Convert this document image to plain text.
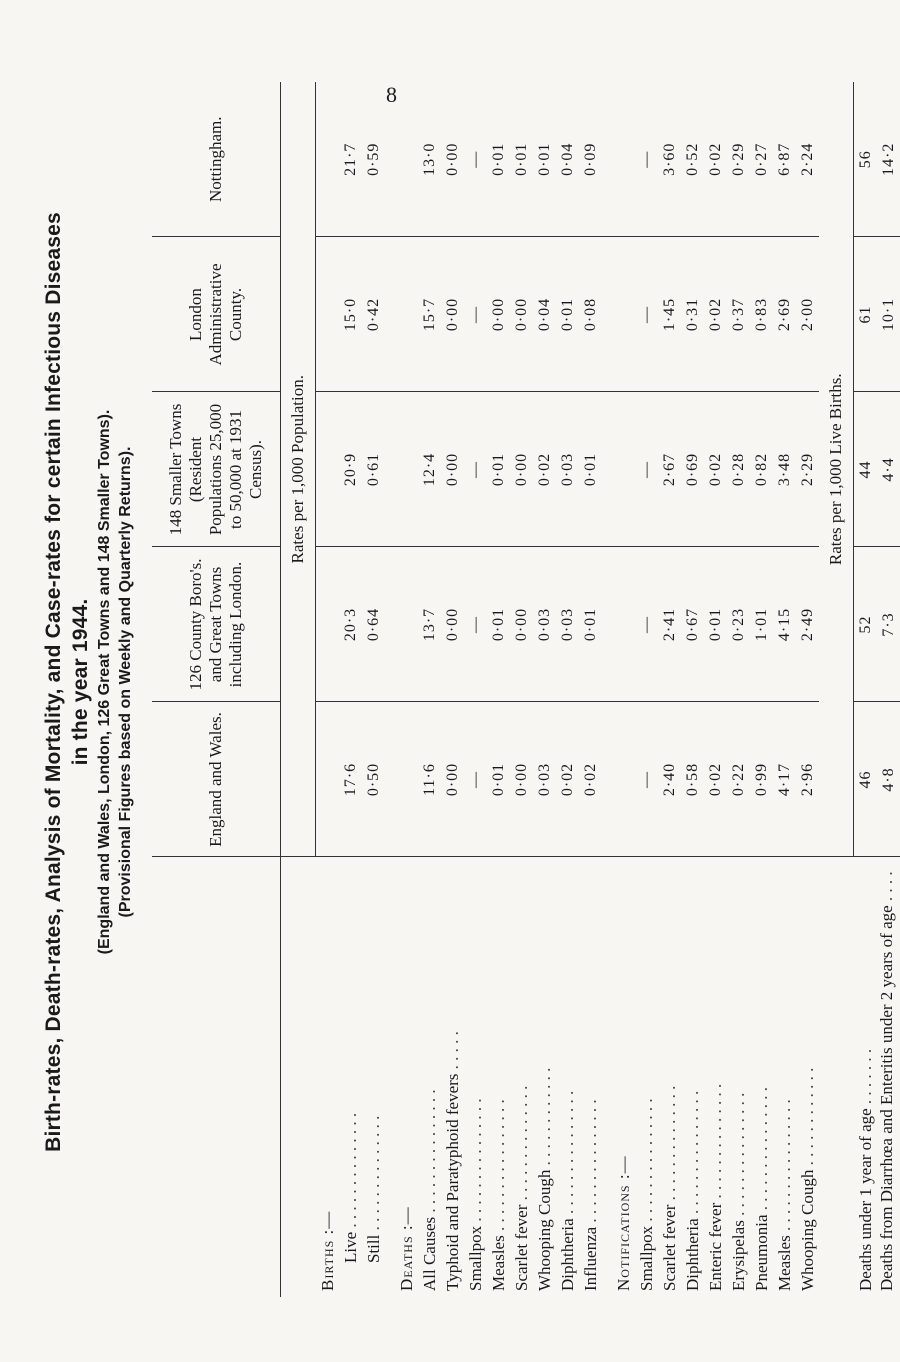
8
Birth-rates, Death-rates, Analysis of Mortality, and Case-rates for certain Infectious Diseases in the year 1944. (England and Wales, London, 126 Great Towns and 148 Smaller Towns). (Provisional Figures based on Weekly and Quarterly Returns).
		England and Wales.	126 County Boro's. and Great Towns including London.	148 Smaller Towns (Resident Populations 25,000 to 50,000 at 1931 Census).	London Administrative County.	Nottingham.
	Rates per 1,000 Population.				
Births :—					
Live . . . . . . . . . . . . . .	17·6	20·3	20·9	15·0	21·7
Still . . . . . . . . . . . . . .	0·50	0·64	0·61	0·42	0·59

Deaths :—					
All Causes . . . . . . . . . . . . . . .	11·6	13·7	12·4	15·7	13·0
Typhoid and Paratyphoid fevers . . . . .	0·00	0·00	0·00	0·00	0·00
Smallpox . . . . . . . . . . . . . . .	—	—	—	—	—
Measles . . . . . . . . . . . . . . . .	0·01	0·01	0·01	0·00	0·01
Scarlet fever . . . . . . . . . . . . . .	0·00	0·00	0·00	0·00	0·01
Whooping Cough . . . . . . . . . . . .	0·03	0·03	0·02	0·04	0·01
Diphtheria . . . . . . . . . . . . . . .	0·02	0·03	0·03	0·01	0·04
Influenza . . . . . . . . . . . . . . .	0·02	0·01	0·01	0·08	0·09

Notifications :—					
Smallpox . . . . . . . . . . . . . . .	—	—	—	—	—
Scarlet fever . . . . . . . . . . . . . .	2·40	2·41	2·67	1·45	3·60
Diphtheria . . . . . . . . . . . . . . .	0·58	0·67	0·69	0·31	0·52
Enteric fever . . . . . . . . . . . . . .	0·02	0·01	0·02	0·02	0·02
Erysipelas . . . . . . . . . . . . . . .	0·22	0·23	0·28	0·37	0·29
Pneumonia . . . . . . . . . . . . . . .	0·99	1·01	0·82	0·83	0·27
Measles . . . . . . . . . . . . . . . .	4·17	4·15	3·48	2·69	6·87
Whooping Cough . . . . . . . . . . . .	2·96	2·49	2·29	2·00	2·24
	Rates per 1,000 Live Births.				
Deaths under 1 year of age . . . . . . .	46	52	44	61	56
Deaths from Diarrhœa and Enteritis under 2 years of age . . . .	4·8	7·3	4·4	10·1	14·2
